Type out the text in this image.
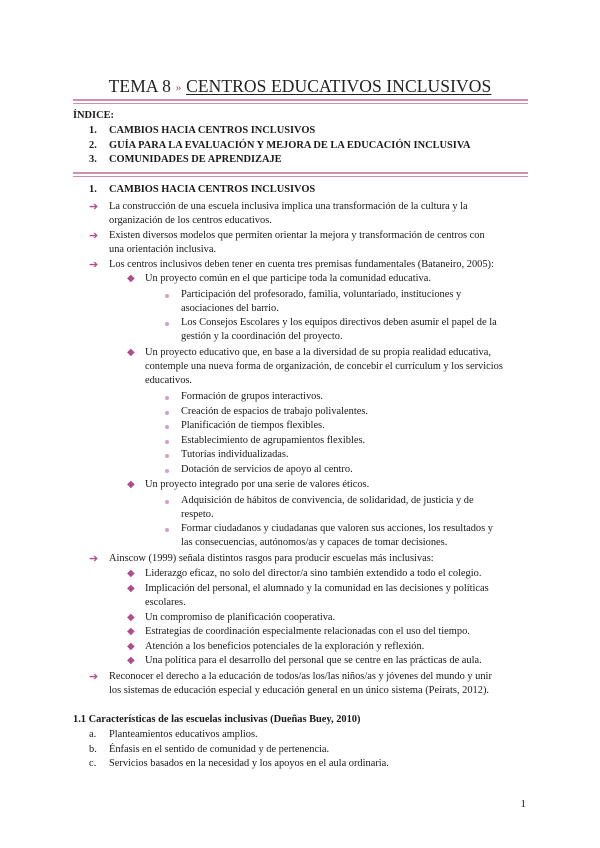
TEMA 8 » CENTROS EDUCATIVOS INCLUSIVOS
ÍNDICE:
1. CAMBIOS HACIA CENTROS INCLUSIVOS
2. GUÍA PARA LA EVALUACIÓN Y MEJORA DE LA EDUCACIÓN INCLUSIVA
3. COMUNIDADES DE APRENDIZAJE
1. CAMBIOS HACIA CENTROS INCLUSIVOS
➔ La construcción de una escuela inclusiva implica una transformación de la cultura y la
organización de los centros educativos.
➔ Existen diversos modelos que permiten orientar la mejora y transformación de centros con
una orientación inclusiva.
➔ Los centros inclusivos deben tener en cuenta tres premisas fundamentales (Bataneiro, 2005):
◆ Un proyecto común en el que participe toda la comunidad educativa.
Participación del profesorado, familia, voluntariado, instituciones y
asociaciones del barrio.
Los Consejos Escolares y los equipos directivos deben asumir el papel de la
gestión y la coordinación del proyecto.
◆ Un proyecto educativo que, en base a la diversidad de su propia realidad educativa,
contemple una nueva forma de organización, de concebir el currículum y los servicios
educativos.
Formación de grupos interactivos.
Creación de espacios de trabajo polivalentes.
Planificación de tiempos flexibles.
Establecimiento de agrupamientos flexibles.
Tutorías individualizadas.
Dotación de servicios de apoyo al centro.
◆ Un proyecto integrado por una serie de valores éticos.
Adquisición de hábitos de convivencia, de solidaridad, de justicia y de
respeto.
Formar ciudadanos y ciudadanas que valoren sus acciones, los resultados y
las consecuencias, autónomos/as y capaces de tomar decisiones.
➔ Ainscow (1999) señala distintos rasgos para producir escuelas más inclusivas:
◆ Liderazgo eficaz, no solo del director/a sino también extendido a todo el colegio.
◆ Implicación del personal, el alumnado y la comunidad en las decisiones y políticas
escolares.
◆ Un compromiso de planificación cooperativa.
◆ Estrategias de coordinación especialmente relacionadas con el uso del tiempo.
◆ Atención a los beneficios potenciales de la exploración y reflexión.
◆ Una política para el desarrollo del personal que se centre en las prácticas de aula.
➔ Reconocer el derecho a la educación de todos/as los/las niños/as y jóvenes del mundo y unir
los sistemas de educación especial y educación general en un único sistema (Peirats, 2012).
1.1 Características de las escuelas inclusivas (Dueñas Buey, 2010)
a. Planteamientos educativos amplios.
b. Énfasis en el sentido de comunidad y de pertenencia.
c. Servicios basados en la necesidad y los apoyos en el aula ordinaria.
1
